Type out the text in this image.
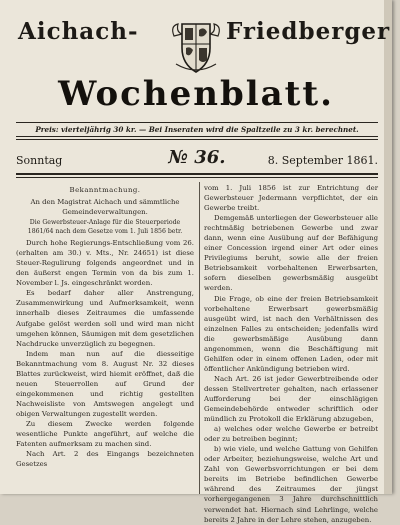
Aichach-	Friedberger
Wochenblatt.
Preis: vierteljährig 30 kr. — Bei Inseraten wird die Spaltzeile zu 3 kr. berechnet.
Sonntag	№ 36.	8. September 1861.

Bekanntmachung.

An den Magistrat Aichach und sämmtliche Gemeindeverwaltungen.

Die Gewerbsteuer-Anlage für die Steuerperiode 1861/64 nach dem Gesetze vom 1. Juli 1856 betr.

Durch hohe Regierungs-Entschließung vom 26. (erhalten am 30.) v. Mts., Nr. 24651) ist diese Steuer-Regulirung folgends angeordnet und in den äußerst engen Termin von da bis zum 1. November l. Js. eingeschränkt worden.

Es bedarf daher aller Anstrengung, Zusammenwirkung und Aufmerksamkeit, wenn innerhalb dieses Zeitraumes die umfassende Aufgabe gelöst werden soll und wird man nicht umgehen können, Säumigen mit dem gesetzlichen Nachdrucke unverzüglich zu begegnen.

Indem man nun auf die diesseitige Bekanntmachung vom 8. August Nr. 32 dieses Blattes zurückweist, wird hiemit eröffnet, daß die neuen Steuerrollen auf Grund der eingekommenen und richtig gestellten Nachweisliste von Amtswegen angelegt und obigen Verwaltungen zugestellt werden.

Zu diesem Zwecke werden folgende wesentliche Punkte angeführt, auf welche die Fatenten aufmerksam zu machen sind.

Nach Art. 2 des Eingangs bezeichneten Gesetzes

vom 1. Juli 1856 ist zur Entrichtung der Gewerbsteuer Jedermann verpflichtet, der ein Gewerbe treibt.

Demgemäß unterliegen der Gewerbsteuer alle rechtmäßig betriebenen Gewerbe und zwar dann, wenn eine Ausübung auf der Befähigung einer Concession irgend einer Art oder eines Privilegiums beruht, sowie alle der freien Betriebsamkeit vorbehaltenen Erwerbsarten, sofern dieselben gewerbsmäßig ausgeübt werden.

Die Frage, ob eine der freien Betriebsamkeit vorbehaltene Erwerbsart gewerbsmäßig ausgeübt wird, ist nach den Verhältnissen des einzelnen Falles zu entscheiden; jedenfalls wird die gewerbsmäßige Ausübung dann angenommen, wenn die Beschäftigung mit Gehilfen oder in einem offenen Laden, oder mit öffentlicher Ankündigung betrieben wird.

Nach Art. 26 ist jeder Gewerbtreibende oder dessen Stellvertreter gehalten, nach erlassener Aufforderung bei der einschlägigen Gemeindebehörde entweder schriftlich oder mündlich zu Protokoll die Erklärung abzugeben,

a) welches oder welche Gewerbe er betreibt oder zu betreiben beginnt;

b) wie viele, und welche Gattung von Gehilfen oder Arbeiter, beziehungsweise, welche Art und Zahl von Gewerbsvorrichtungen er bei dem bereits im Betriebe befindlichen Gewerbe während des Zeitraumes der jüngst vorhergegangenen 3 Jahre durchschnittlich verwendet hat. Hiernach sind Lehrlinge, welche bereits 2 Jahre in der Lehre stehen, anzugeben.
